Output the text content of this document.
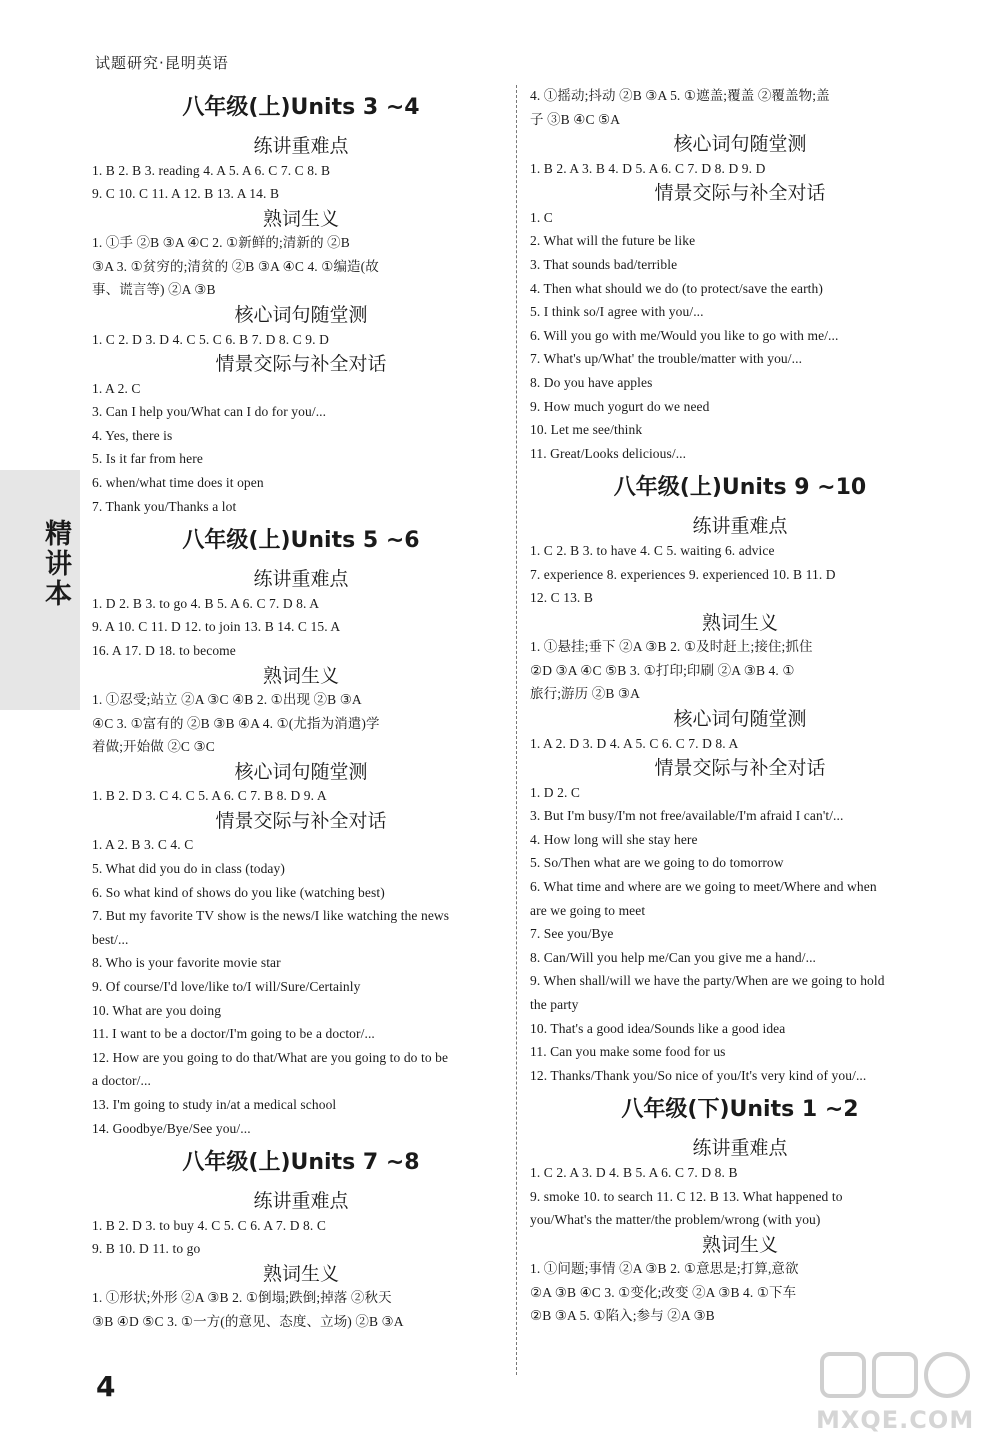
试题研究·昆明英语
精讲本
八年级(上)Units 3 ~4
练讲重难点
1. B 2. B 3. reading 4. A 5. A 6. C 7. C 8. B
9. C 10. C 11. A 12. B 13. A 14. B
熟词生义
1. ①手 ②B ③A ④C 2. ①新鲜的;清新的 ②B
③A 3. ①贫穷的;清贫的 ②B ③A ④C 4. ①编造(故
事、谎言等) ②A ③B
核心词句随堂测
1. C 2. D 3. D 4. C 5. C 6. B 7. D 8. C 9. D
情景交际与补全对话
1. A 2. C
3. Can I help you/What can I do for you/...
4. Yes, there is
5. Is it far from here
6. when/what time does it open
7. Thank you/Thanks a lot
八年级(上)Units 5 ~6
练讲重难点
1. D 2. B 3. to go 4. B 5. A 6. C 7. D 8. A
9. A 10. C 11. D 12. to join 13. B 14. C 15. A
16. A 17. D 18. to become
熟词生义
1. ①忍受;站立 ②A ③C ④B 2. ①出现 ②B ③A
④C 3. ①富有的 ②B ③B ④A 4. ①(尤指为消遣)学
着做;开始做 ②C ③C
核心词句随堂测
1. B 2. D 3. C 4. C 5. A 6. C 7. B 8. D 9. A
情景交际与补全对话
1. A 2. B 3. C 4. C
5. What did you do in class (today)
6. So what kind of shows do you like (watching best)
7. But my favorite TV show is the news/I like watching the news
best/...
8. Who is your favorite movie star
9. Of course/I'd love/like to/I will/Sure/Certainly
10. What are you doing
11. I want to be a doctor/I'm going to be a doctor/...
12. How are you going to do that/What are you going to do to be
a doctor/...
13. I'm going to study in/at a medical school
14. Goodbye/Bye/See you/...
八年级(上)Units 7 ~8
练讲重难点
1. B 2. D 3. to buy 4. C 5. C 6. A 7. D 8. C
9. B 10. D 11. to go
熟词生义
1. ①形状;外形 ②A ③B 2. ①倒塌;跌倒;掉落 ②秋天
③B ④D ⑤C 3. ①一方(的意见、态度、立场) ②B ③A
4. ①摇动;抖动 ②B ③A 5. ①遮盖;覆盖 ②覆盖物;盖
子 ③B ④C ⑤A
核心词句随堂测
1. B 2. A 3. B 4. D 5. A 6. C 7. D 8. D 9. D
情景交际与补全对话
1. C
2. What will the future be like
3. That sounds bad/terrible
4. Then what should we do (to protect/save the earth)
5. I think so/I agree with you/...
6. Will you go with me/Would you like to go with me/...
7. What's up/What' the trouble/matter with you/...
8. Do you have apples
9. How much yogurt do we need
10. Let me see/think
11. Great/Looks delicious/...
八年级(上)Units 9 ~10
练讲重难点
1. C 2. B 3. to have 4. C 5. waiting 6. advice
7. experience 8. experiences 9. experienced 10. B 11. D
12. C 13. B
熟词生义
1. ①悬挂;垂下 ②A ③B 2. ①及时赶上;接住;抓住
②D ③A ④C ⑤B 3. ①打印;印刷 ②A ③B 4. ①
旅行;游历 ②B ③A
核心词句随堂测
1. A 2. D 3. D 4. A 5. C 6. C 7. D 8. A
情景交际与补全对话
1. D 2. C
3. But I'm busy/I'm not free/available/I'm afraid I can't/...
4. How long will she stay here
5. So/Then what are we going to do tomorrow
6. What time and where are we going to meet/Where and when
are we going to meet
7. See you/Bye
8. Can/Will you help me/Can you give me a hand/...
9. When shall/will we have the party/When are we going to hold
the party
10. That's a good idea/Sounds like a good idea
11. Can you make some food for us
12. Thanks/Thank you/So nice of you/It's very kind of you/...
八年级(下)Units 1 ~2
练讲重难点
1. C 2. A 3. D 4. B 5. A 6. C 7. D 8. B
9. smoke 10. to search 11. C 12. B 13. What happened to
you/What's the matter/the problem/wrong (with you)
熟词生义
1. ①问题;事情 ②A ③B 2. ①意思是;打算,意欲
②A ③B ④C 3. ①变化;改变 ②A ③B 4. ①下车
②B ③A 5. ①陷入;参与 ②A ③B
4
MXQE.COM
